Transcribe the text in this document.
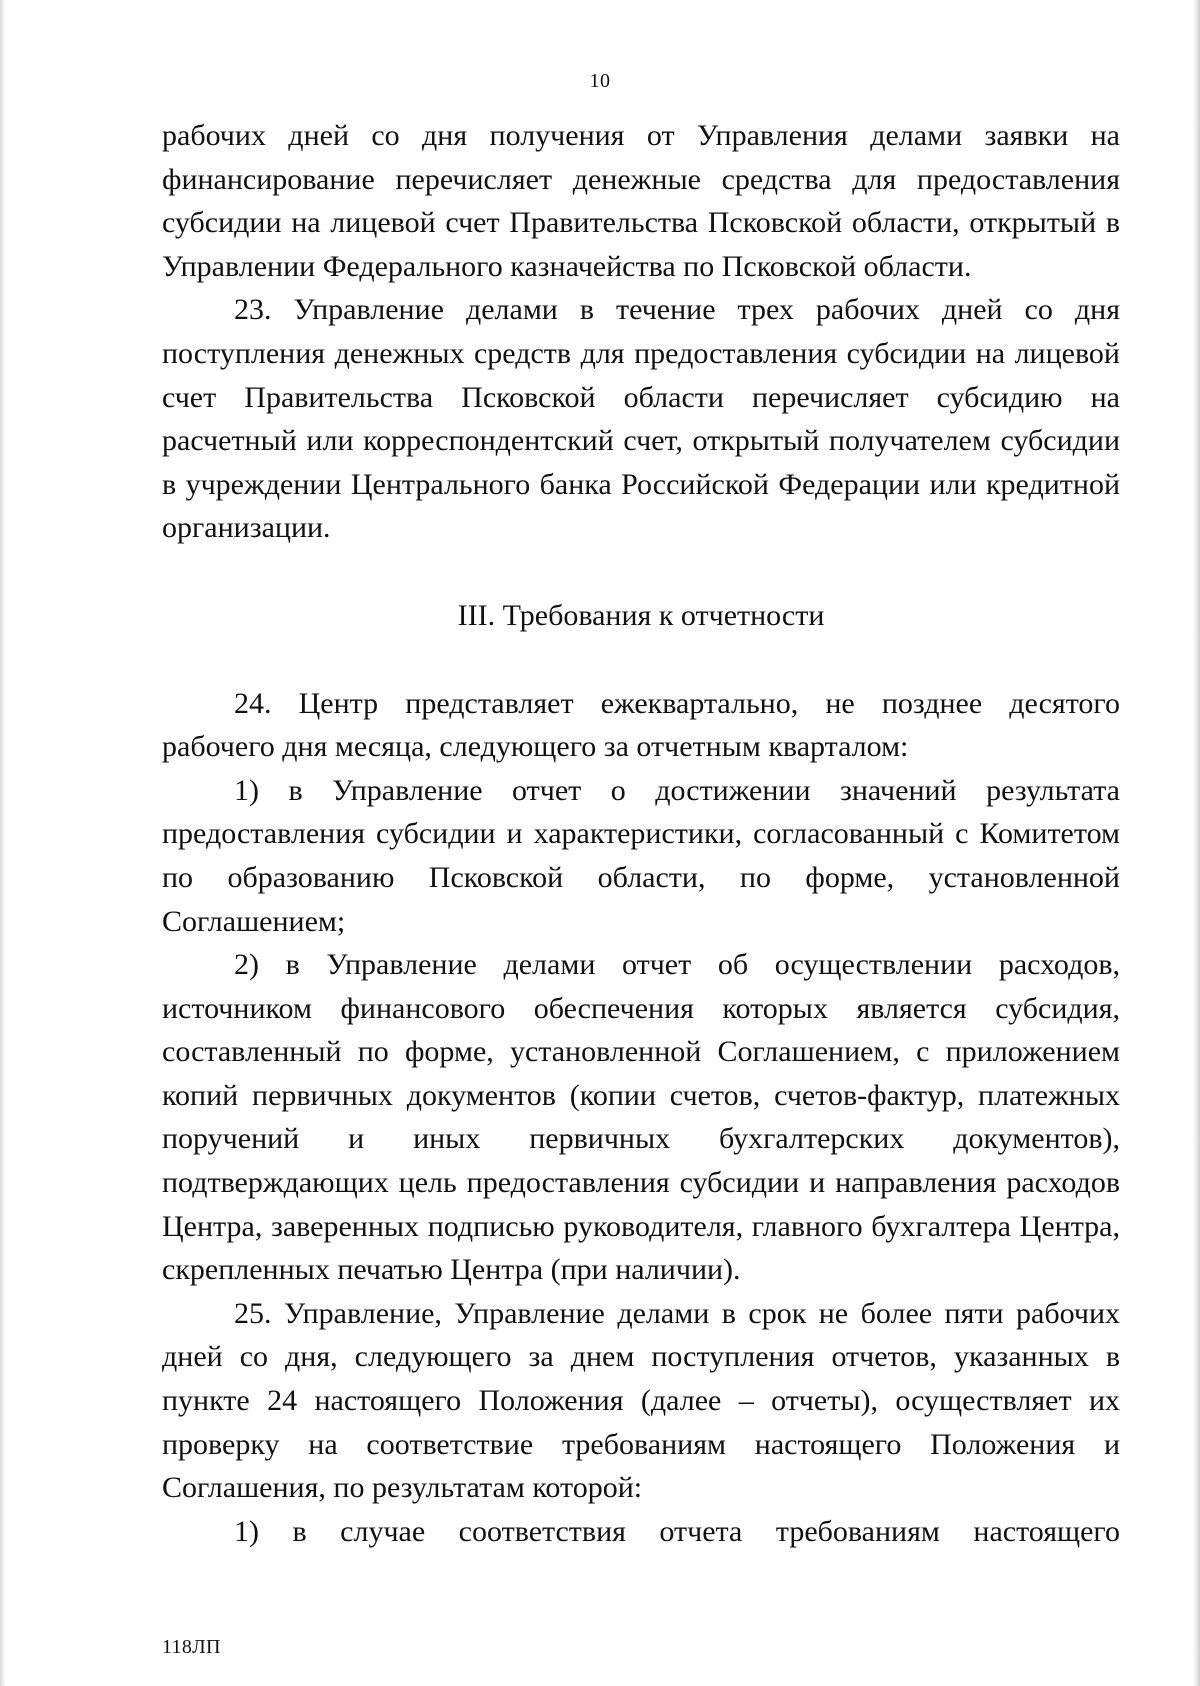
10

рабочих дней со дня получения от Управления делами заявки на финансирование перечисляет денежные средства для предоставления субсидии на лицевой счет Правительства Псковской области, открытый в Управлении Федерального казначейства по Псковской области.

23. Управление делами в течение трех рабочих дней со дня поступления денежных средств для предоставления субсидии на лицевой счет Правительства Псковской области перечисляет субсидию на расчетный или корреспондентский счет, открытый получателем субсидии в учреждении Центрального банка Российской Федерации или кредитной организации.

III. Требования к отчетности

24. Центр представляет ежеквартально, не позднее десятого рабочего дня месяца, следующего за отчетным кварталом:

1) в Управление отчет о достижении значений результата предоставления субсидии и характеристики, согласованный с Комитетом по образованию Псковской области, по форме, установленной Соглашением;

2) в Управление делами отчет об осуществлении расходов, источником финансового обеспечения которых является субсидия, составленный по форме, установленной Соглашением, с приложением копий первичных документов (копии счетов, счетов-фактур, платежных поручений и иных первичных бухгалтерских документов), подтверждающих цель предоставления субсидии и направления расходов Центра, заверенных подписью руководителя, главного бухгалтера Центра, скрепленных печатью Центра (при наличии).

25. Управление, Управление делами в срок не более пяти рабочих дней со дня, следующего за днем поступления отчетов, указанных в пункте 24 настоящего Положения (далее – отчеты), осуществляет их проверку на соответствие требованиям настоящего Положения и Соглашения, по результатам которой:

1) в случае соответствия отчета требованиям настоящего

118ЛП
